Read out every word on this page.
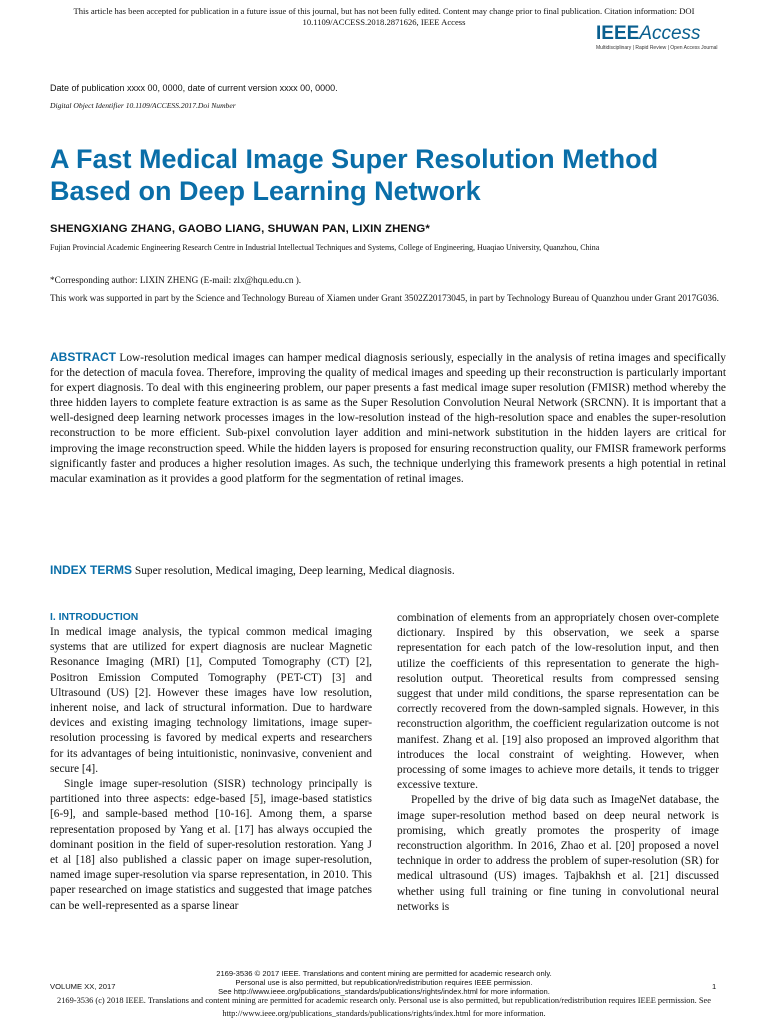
This article has been accepted for publication in a future issue of this journal, but has not been fully edited. Content may change prior to final publication. Citation information: DOI
10.1109/ACCESS.2018.2871626, IEEE Access
IEEEAccess
Multidisciplinary | Rapid Review | Open Access Journal
Date of publication xxxx 00, 0000, date of current version xxxx 00, 0000.
Digital Object Identifier 10.1109/ACCESS.2017.Doi Number
A Fast Medical Image Super Resolution Method Based on Deep Learning Network
SHENGXIANG ZHANG, GAOBO LIANG, SHUWAN PAN, LIXIN ZHENG*
Fujian Provincial Academic Engineering Research Centre in Industrial Intellectual Techniques and Systems, College of Engineering, Huaqiao University, Quanzhou, China
*Corresponding author: LIXIN ZHENG (E-mail: zlx@hqu.edu.cn ).
This work was supported in part by the Science and Technology Bureau of Xiamen under Grant 3502Z20173045, in part by Technology Bureau of Quanzhou under Grant 2017G036.
ABSTRACT Low-resolution medical images can hamper medical diagnosis seriously, especially in the analysis of retina images and specifically for the detection of macula fovea. Therefore, improving the quality of medical images and speeding up their reconstruction is particularly important for expert diagnosis. To deal with this engineering problem, our paper presents a fast medical image super resolution (FMISR) method whereby the three hidden layers to complete feature extraction is as same as the Super Resolution Convolution Neural Network (SRCNN). It is important that a well-designed deep learning network processes images in the low-resolution instead of the high-resolution space and enables the super-resolution reconstruction to be more efficient. Sub-pixel convolution layer addition and mini-network substitution in the hidden layers are critical for improving the image reconstruction speed. While the hidden layers is proposed for ensuring reconstruction quality, our FMISR framework performs significantly faster and produces a higher resolution images. As such, the technique underlying this framework presents a high potential in retinal macular examination as it provides a good platform for the segmentation of retinal images.
INDEX TERMS Super resolution, Medical imaging, Deep learning, Medical diagnosis.
I. INTRODUCTION

In medical image analysis, the typical common medical imaging systems that are utilized for expert diagnosis are nuclear Magnetic Resonance Imaging (MRI) [1], Computed Tomography (CT) [2], Positron Emission Computed Tomography (PET-CT) [3] and Ultrasound (US) [2]. However these images have low resolution, inherent noise, and lack of structural information. Due to hardware devices and existing imaging technology limitations, image super-resolution processing is favored by medical experts and researchers for its advantages of being intuitionistic, noninvasive, convenient and secure [4].

Single image super-resolution (SISR) technology principally is partitioned into three aspects: edge-based [5], image-based statistics [6-9], and sample-based method [10-16]. Among them, a sparse representation proposed by Yang et al. [17] has always occupied the dominant position in the field of super-resolution restoration. Yang J et al [18] also published a classic paper on image super-resolution, named image super-resolution via sparse representation, in 2010. This paper researched on image statistics and suggested that image patches can be well-represented as a sparse linear

combination of elements from an appropriately chosen over-complete dictionary. Inspired by this observation, we seek a sparse representation for each patch of the low-resolution input, and then utilize the coefficients of this representation to generate the high-resolution output. Theoretical results from compressed sensing suggest that under mild conditions, the sparse representation can be correctly recovered from the down-sampled signals. However, in this reconstruction algorithm, the coefficient regularization outcome is not manifest. Zhang et al. [19] also proposed an improved algorithm that introduces the local constraint of weighting. However, when processing of some images to achieve more details, it tends to trigger excessive texture.

Propelled by the drive of big data such as ImageNet database, the image super-resolution method based on deep neural network is promising, which greatly promotes the prosperity of image reconstruction algorithm. In 2016, Zhao et al. [20] proposed a novel technique in order to address the problem of super-resolution (SR) for medical ultrasound (US) images. Tajbakhsh et al. [21] discussed whether using full training or fine tuning in convolutional neural networks is

2169-3536 © 2017 IEEE. Translations and content mining are permitted for academic research only.
Personal use is also permitted, but republication/redistribution requires IEEE permission.
See http://www.ieee.org/publications_standards/publications/rights/index.html for more information.
VOLUME XX, 2017	1
2169-3536 (c) 2018 IEEE. Translations and content mining are permitted for academic research only. Personal use is also permitted, but republication/redistribution requires IEEE permission. See
http://www.ieee.org/publications_standards/publications/rights/index.html for more information.
